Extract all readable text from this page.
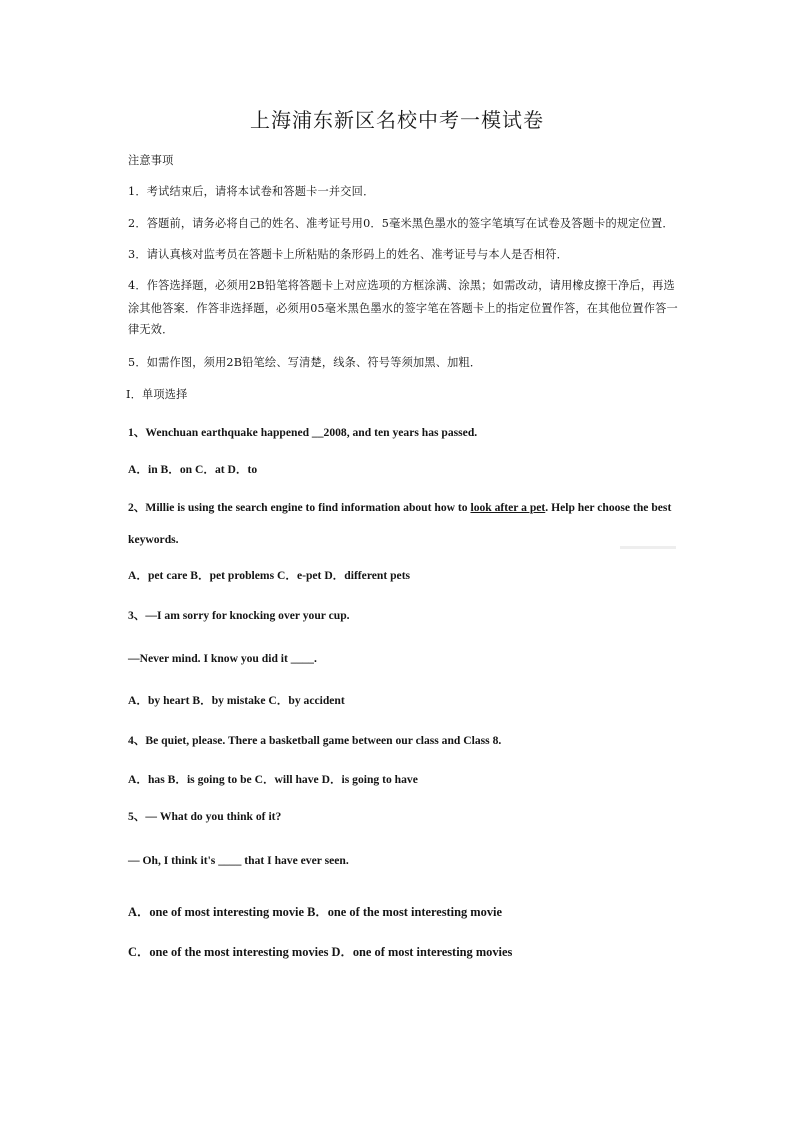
上海浦东新区名校中考一模试卷
注意事项
1．考试结束后，请将本试卷和答题卡一并交回．
2．答题前，请务必将自己的姓名、准考证号用0．5毫米黑色墨水的签字笔填写在试卷及答题卡的规定位置．
3．请认真核对监考员在答题卡上所粘贴的条形码上的姓名、准考证号与本人是否相符．
4．作答选择题，必须用2B铅笔将答题卡上对应选项的方框涂满、涂黑；如需改动，请用橡皮擦干净后，再选
涂其他答案．作答非选择题，必须用05毫米黑色墨水的签字笔在答题卡上的指定位置作答，在其他位置作答一
律无效．
5．如需作图，须用2B铅笔绘、写清楚，线条、符号等须加黑、加粗．
Ⅰ．单项选择
1、Wenchuan earthquake happened __2008, and ten years has passed.
A．in B．on C．at D．to
2、Millie is using the search engine to find information about how to look after a pet. Help her choose the best
keywords.
A．pet care B．pet problems C．e-pet D．different pets
3、—I am sorry for knocking over your cup.
—Never mind. I know you did it ____.
A．by heart B．by mistake C．by accident
4、Be quiet, please. There a basketball game between our class and Class 8.
A．has B．is going to be C．will have D．is going to have
5、— What do you think of it?
— Oh, I think it's ____ that I have ever seen.
A．one of most interesting movie B．one of the most interesting movie
C．one of the most interesting movies D．one of most interesting movies
